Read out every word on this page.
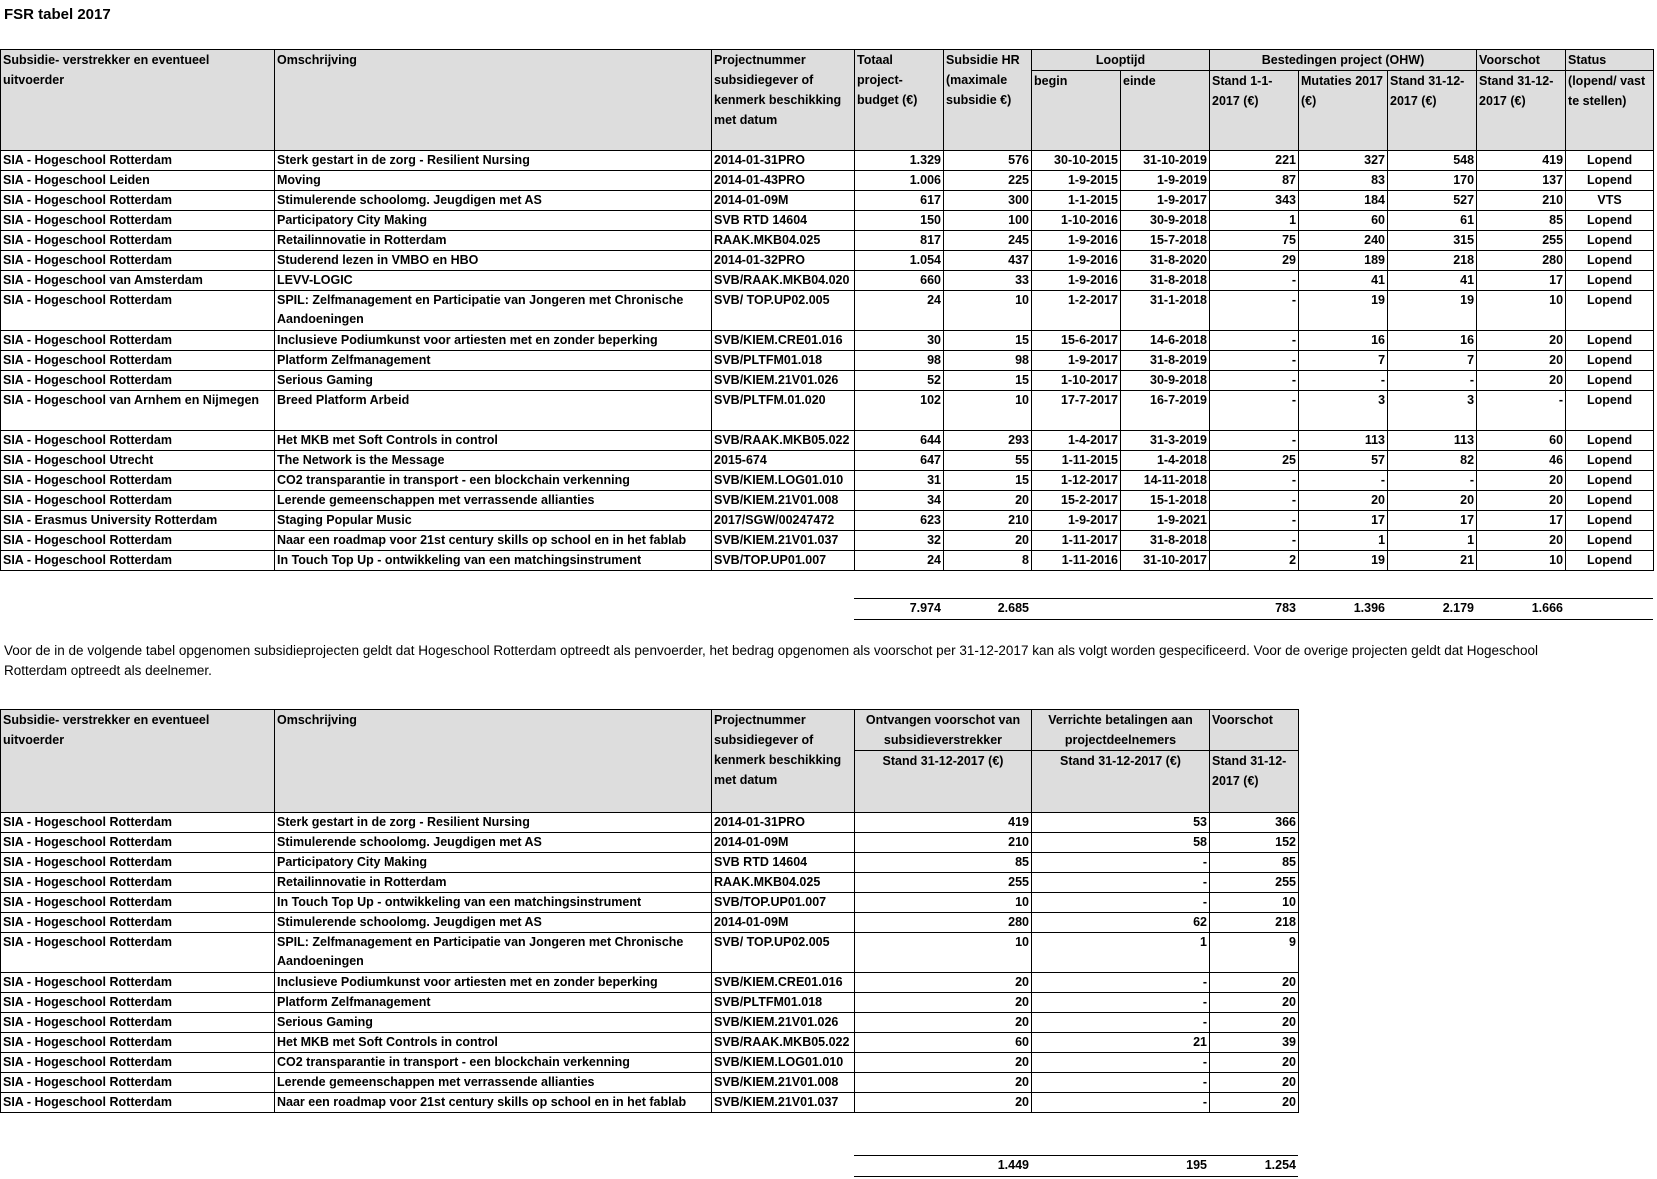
FSR tabel 2017
Subsidie- verstrekker en eventueel uitvoerder	Omschrijving	Projectnummer subsidiegever of kenmerk beschikking met datum	Totaal project- budget (€)	Subsidie HR (maximale subsidie €)	Looptijd		Bestedingen project (OHW)			Voorschot	Status
					begin	einde	Stand 1-1-2017 (€)	Mutaties 2017 (€)	Stand 31-12-2017 (€)	Stand 31-12-2017 (€)	(lopend/ vast te stellen)
SIA - Hogeschool Rotterdam	Sterk gestart in de zorg - Resilient Nursing	2014-01-31PRO	1.329	576	30-10-2015	31-10-2019	221	327	548	419	Lopend
SIA - Hogeschool Leiden	Moving	2014-01-43PRO	1.006	225	1-9-2015	1-9-2019	87	83	170	137	Lopend
SIA - Hogeschool Rotterdam	Stimulerende schoolomg. Jeugdigen met AS	2014-01-09M	617	300	1-1-2015	1-9-2017	343	184	527	210	VTS
SIA - Hogeschool Rotterdam	Participatory City Making	SVB RTD 14604	150	100	1-10-2016	30-9-2018	1	60	61	85	Lopend
SIA - Hogeschool Rotterdam	Retailinnovatie in Rotterdam	RAAK.MKB04.025	817	245	1-9-2016	15-7-2018	75	240	315	255	Lopend
SIA - Hogeschool Rotterdam	Studerend lezen in VMBO en HBO	2014-01-32PRO	1.054	437	1-9-2016	31-8-2020	29	189	218	280	Lopend
SIA - Hogeschool van Amsterdam	LEVV-LOGIC	SVB/RAAK.MKB04.020	660	33	1-9-2016	31-8-2018	-	41	41	17	Lopend
SIA - Hogeschool Rotterdam	SPIL: Zelfmanagement en Participatie van Jongeren met Chronische Aandoeningen	SVB/ TOP.UP02.005	24	10	1-2-2017	31-1-2018	-	19	19	10	Lopend
SIA - Hogeschool Rotterdam	Inclusieve Podiumkunst voor artiesten met en zonder beperking	SVB/KIEM.CRE01.016	30	15	15-6-2017	14-6-2018	-	16	16	20	Lopend
SIA - Hogeschool Rotterdam	Platform Zelfmanagement	SVB/PLTFM01.018	98	98	1-9-2017	31-8-2019	-	7	7	20	Lopend
SIA - Hogeschool Rotterdam	Serious Gaming	SVB/KIEM.21V01.026	52	15	1-10-2017	30-9-2018	-	-	-	20	Lopend
SIA - Hogeschool van Arnhem en Nijmegen	Breed Platform Arbeid	SVB/PLTFM.01.020	102	10	17-7-2017	16-7-2019	-	3	3	-	Lopend
SIA - Hogeschool Rotterdam	Het MKB met Soft Controls in control	SVB/RAAK.MKB05.022	644	293	1-4-2017	31-3-2019	-	113	113	60	Lopend
SIA - Hogeschool Utrecht	The Network is the Message	2015-674	647	55	1-11-2015	1-4-2018	25	57	82	46	Lopend
SIA - Hogeschool Rotterdam	CO2 transparantie in transport - een blockchain verkenning	SVB/KIEM.LOG01.010	31	15	1-12-2017	14-11-2018	-	-	-	20	Lopend
SIA - Hogeschool Rotterdam	Lerende gemeenschappen met verrassende allianties	SVB/KIEM.21V01.008	34	20	15-2-2017	15-1-2018	-	20	20	20	Lopend
SIA - Erasmus University Rotterdam	Staging Popular Music	2017/SGW/00247472	623	210	1-9-2017	1-9-2021	-	17	17	17	Lopend
SIA - Hogeschool Rotterdam	Naar een roadmap voor 21st century skills op school en in het fablab	SVB/KIEM.21V01.037	32	20	1-11-2017	31-8-2018	-	1	1	20	Lopend
SIA - Hogeschool Rotterdam	In Touch Top Up - ontwikkeling van een matchingsinstrument	SVB/TOP.UP01.007	24	8	1-11-2016	31-10-2017	2	19	21	10	Lopend
			7.974	2.685			783	1.396	2.179	1.666	
Voor de in de volgende tabel opgenomen subsidieprojecten geldt dat Hogeschool Rotterdam optreedt als penvoerder, het bedrag opgenomen als voorschot per 31-12-2017 kan als volgt worden gespecificeerd. Voor de overige projecten geldt dat Hogeschool Rotterdam optreedt als deelnemer.
Subsidie- verstrekker en eventueel uitvoerder	Omschrijving	Projectnummer subsidiegever of kenmerk beschikking met datum	Ontvangen voorschot van subsidieverstrekker	Verrichte betalingen aan projectdeelnemers	Voorschot
			Stand 31-12-2017 (€)	Stand 31-12-2017 (€)	Stand 31-12-2017 (€)
SIA - Hogeschool Rotterdam	Sterk gestart in de zorg - Resilient Nursing	2014-01-31PRO	419	53	366
SIA - Hogeschool Rotterdam	Stimulerende schoolomg. Jeugdigen met AS	2014-01-09M	210	58	152
SIA - Hogeschool Rotterdam	Participatory City Making	SVB RTD 14604	85	-	85
SIA - Hogeschool Rotterdam	Retailinnovatie in Rotterdam	RAAK.MKB04.025	255	-	255
SIA - Hogeschool Rotterdam	In Touch Top Up - ontwikkeling van een matchingsinstrument	SVB/TOP.UP01.007	10	-	10
SIA - Hogeschool Rotterdam	Stimulerende schoolomg. Jeugdigen met AS	2014-01-09M	280	62	218
SIA - Hogeschool Rotterdam	SPIL: Zelfmanagement en Participatie van Jongeren met Chronische Aandoeningen	SVB/ TOP.UP02.005	10	1	9
SIA - Hogeschool Rotterdam	Inclusieve Podiumkunst voor artiesten met en zonder beperking	SVB/KIEM.CRE01.016	20	-	20
SIA - Hogeschool Rotterdam	Platform Zelfmanagement	SVB/PLTFM01.018	20	-	20
SIA - Hogeschool Rotterdam	Serious Gaming	SVB/KIEM.21V01.026	20	-	20
SIA - Hogeschool Rotterdam	Het MKB met Soft Controls in control	SVB/RAAK.MKB05.022	60	21	39
SIA - Hogeschool Rotterdam	CO2 transparantie in transport - een blockchain verkenning	SVB/KIEM.LOG01.010	20	-	20
SIA - Hogeschool Rotterdam	Lerende gemeenschappen met verrassende allianties	SVB/KIEM.21V01.008	20	-	20
SIA - Hogeschool Rotterdam	Naar een roadmap voor 21st century skills op school en in het fablab	SVB/KIEM.21V01.037	20	-	20
			1.449	195	1.254
